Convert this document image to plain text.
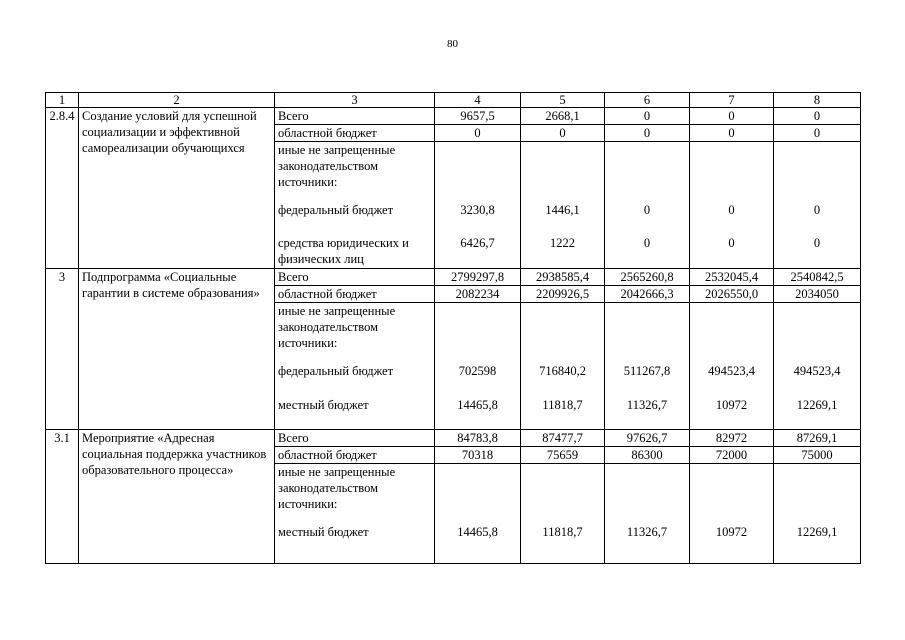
80
1	2	3	4	5	6	7	8
2.8.4	Создание условий для успешной социализации и эффективной самореализации обучающихся	Всего	9657,5	2668,1	0	0	0
		областной бюджет	0	0	0	0	0
		иные не запрещенные законодательством источники:					
		федеральный бюджет	3230,8	1446,1	0	0	0
		средства юридических и физических лиц	6426,7	1222	0	0	0
3	Подпрограмма «Социальные гарантии в системе образования»	Всего	2799297,8	2938585,4	2565260,8	2532045,4	2540842,5
		областной бюджет	2082234	2209926,5	2042666,3	2026550,0	2034050
		иные не запрещенные законодательством источники:					
		федеральный бюджет	702598	716840,2	511267,8	494523,4	494523,4
		местный бюджет	14465,8	11818,7	11326,7	10972	12269,1
3.1	Мероприятие «Адресная социальная поддержка участников образовательного процесса»	Всего	84783,8	87477,7	97626,7	82972	87269,1
		областной бюджет	70318	75659	86300	72000	75000
		иные не запрещенные законодательством источники:					
		местный бюджет	14465,8	11818,7	11326,7	10972	12269,1
